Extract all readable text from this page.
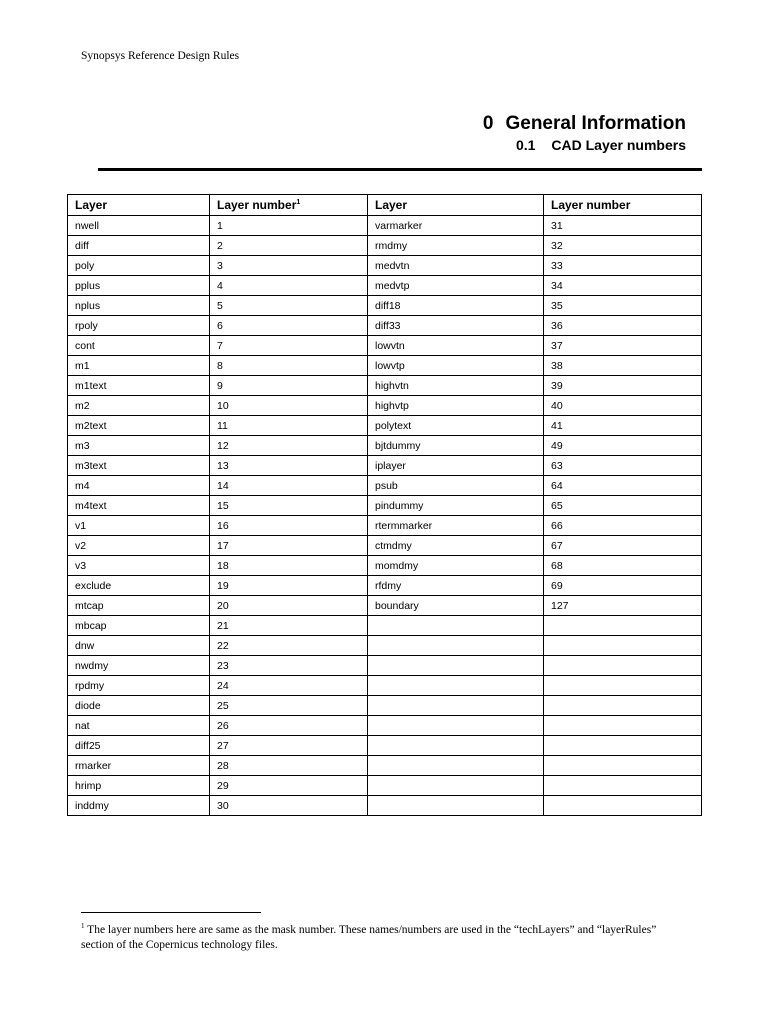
Synopsys Reference Design Rules
0 General Information
0.1 CAD Layer numbers
Layer	Layer number$^1$	Layer	Layer number
nwell	1	varmarker	31
diff	2	rmdmy	32
poly	3	medvtn	33
pplus	4	medvtp	34
nplus	5	diff18	35
rpoly	6	diff33	36
cont	7	lowvtn	37
m1	8	lowvtp	38
m1text	9	highvtn	39
m2	10	highvtp	40
m2text	11	polytext	41
m3	12	bjtdummy	49
m3text	13	iplayer	63
m4	14	psub	64
m4text	15	pindummy	65
v1	16	rtermmarker	66
v2	17	ctmdmy	67
v3	18	momdmy	68
exclude	19	rfdmy	69
mtcap	20	boundary	127
mbcap	21		
dnw	22		
nwdmy	23		
rpdmy	24		
diode	25		
nat	26		
diff25	27		
rmarker	28		
hrimp	29		
inddmy	30		
$^1$ The layer numbers here are same as the mask number. These names/numbers are used in the “techLayers” and “layerRules” section of the Copernicus technology files.
